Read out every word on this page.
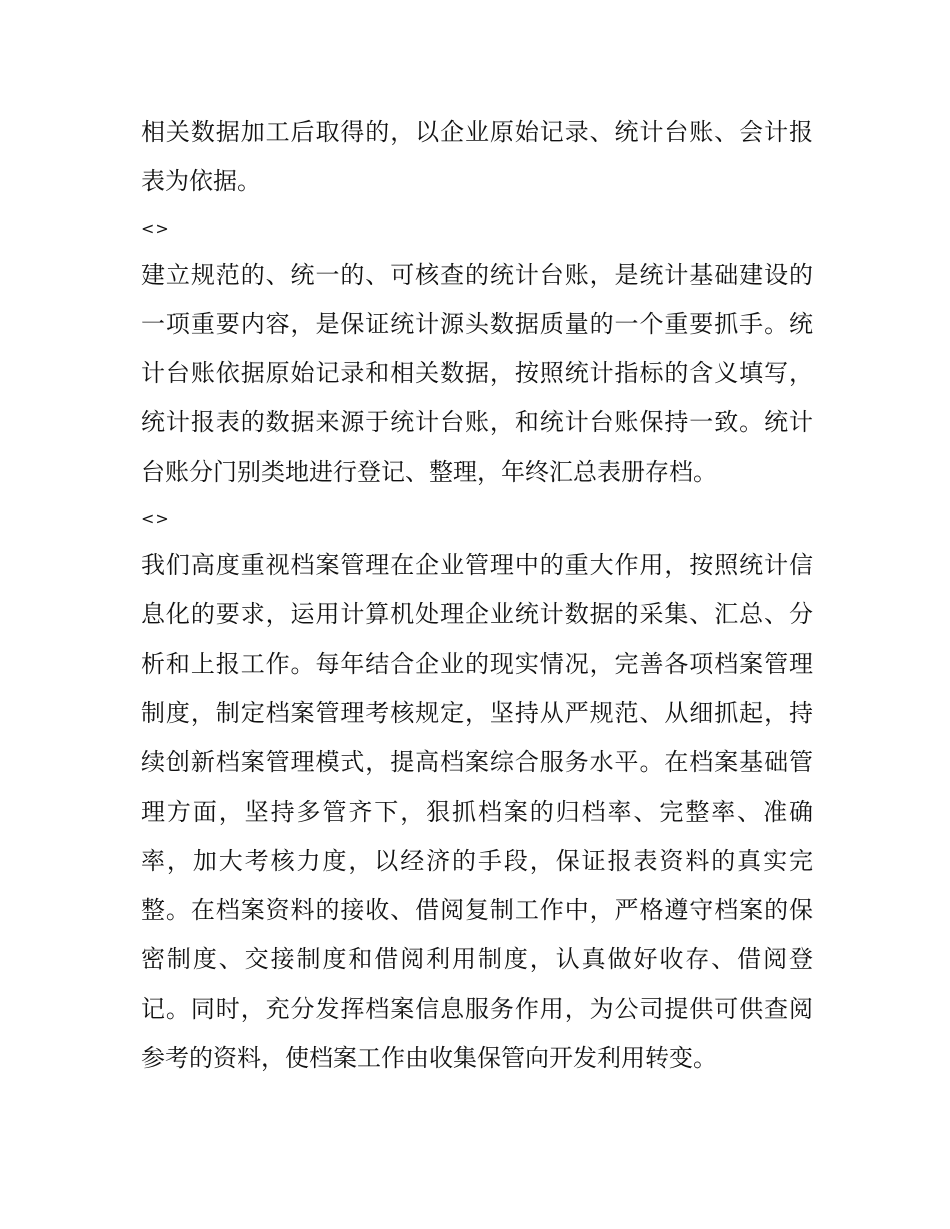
相关数据加工后取得的，以企业原始记录、统计台账、会计报
表为依据。
<>
建立规范的、统一的、可核查的统计台账，是统计基础建设的
一项重要内容，是保证统计源头数据质量的一个重要抓手。统
计台账依据原始记录和相关数据，按照统计指标的含义填写，
统计报表的数据来源于统计台账，和统计台账保持一致。统计
台账分门别类地进行登记、整理，年终汇总表册存档。
<>
我们高度重视档案管理在企业管理中的重大作用，按照统计信
息化的要求，运用计算机处理企业统计数据的采集、汇总、分
析和上报工作。每年结合企业的现实情况，完善各项档案管理
制度，制定档案管理考核规定，坚持从严规范、从细抓起，持
续创新档案管理模式，提高档案综合服务水平。在档案基础管
理方面，坚持多管齐下，狠抓档案的归档率、完整率、准确
率，加大考核力度，以经济的手段，保证报表资料的真实完
整。在档案资料的接收、借阅复制工作中，严格遵守档案的保
密制度、交接制度和借阅利用制度，认真做好收存、借阅登
记。同时，充分发挥档案信息服务作用，为公司提供可供查阅
参考的资料，使档案工作由收集保管向开发利用转变。
